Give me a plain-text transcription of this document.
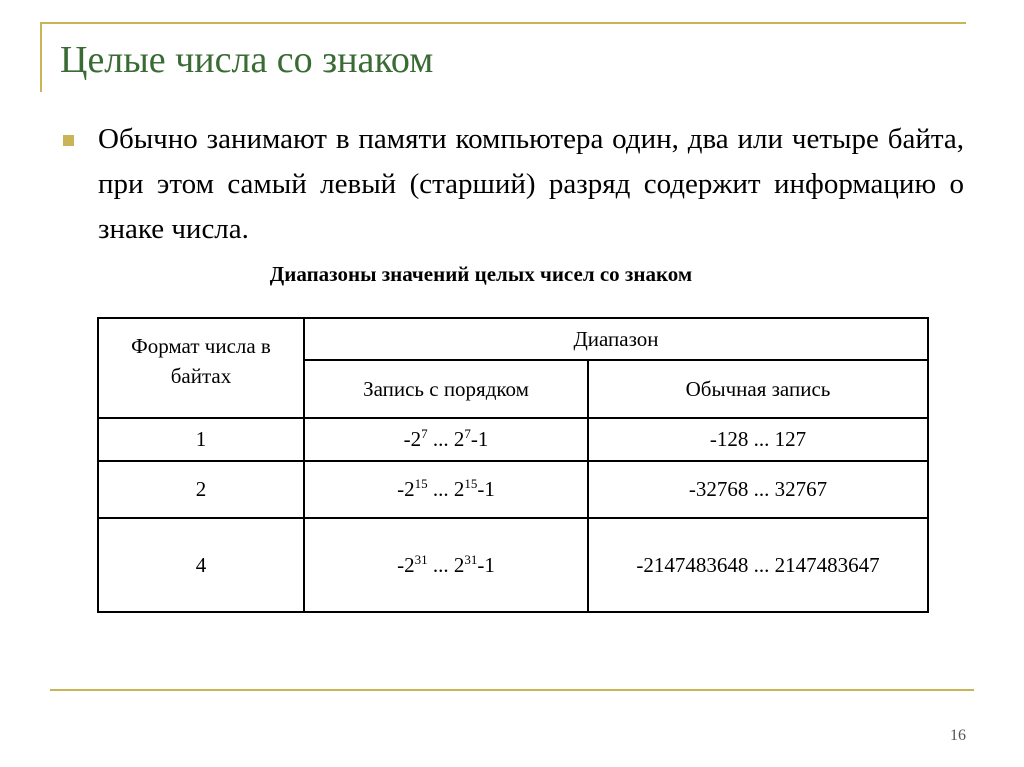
Целые числа со знаком
Обычно занимают в памяти компьютера один, два или четыре байта, при этом самый левый (старший) разряд содержит информацию о знаке числа.
Диапазоны значений целых чисел со знаком
Формат числа в байтах	Диапазон	
	Запись с порядком	Обычная запись
1	$-2^7$ ... $2^7-1$	-128 ... 127
2	$-2^{15}$ ... $2^{15}-1$	-32768 ... 32767
4	$-2^{31}$ ... $2^{31}-1$	-2147483648 ... 2147483647
16
